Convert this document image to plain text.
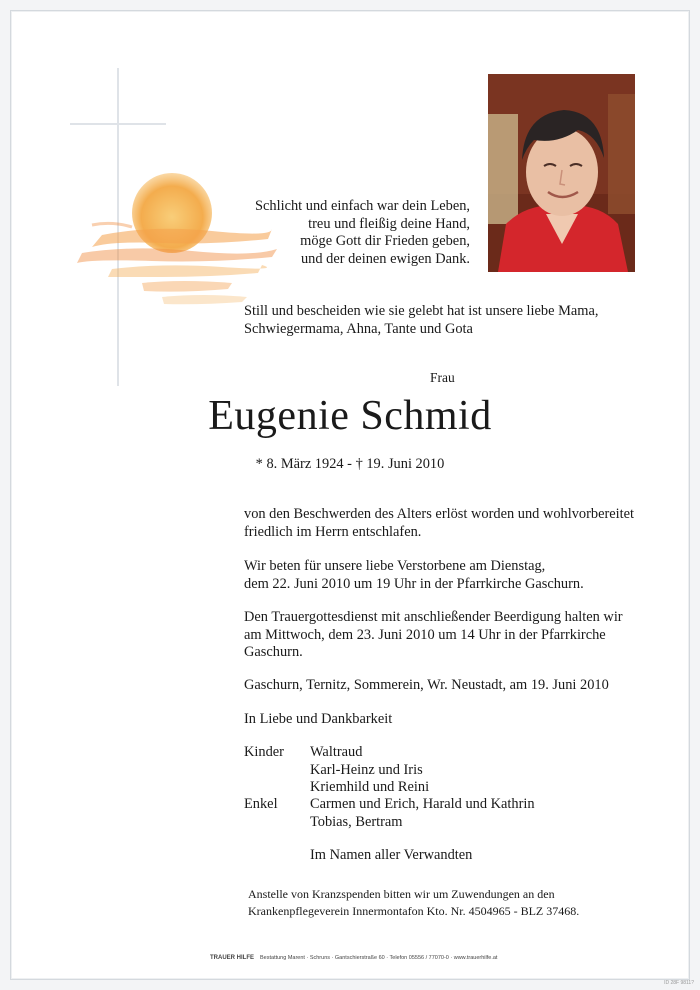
Schlicht und einfach war dein Leben,
treu und fleißig deine Hand,
möge Gott dir Frieden geben,
und der deinen ewigen Dank.
Still und bescheiden wie sie gelebt hat ist unsere liebe Mama,
Schwiegermama, Ahna, Tante und Gota
Frau
Eugenie Schmid
* 8. März 1924 - † 19. Juni 2010
von den Beschwerden des Alters erlöst worden und wohlvorbereitet
friedlich im Herrn entschlafen.
Wir beten für unsere liebe Verstorbene am Dienstag,
dem 22. Juni 2010 um 19 Uhr in der Pfarrkirche Gaschurn.
Den Trauergottesdienst mit anschließender Beerdigung halten wir
am Mittwoch, dem 23. Juni 2010 um 14 Uhr in der Pfarrkirche
Gaschurn.
Gaschurn, Ternitz, Sommerein, Wr. Neustadt, am 19. Juni 2010
In Liebe und Dankbarkeit
Kinder Waltraud
Karl-Heinz und Iris
Kriemhild und Reini
Enkel Carmen und Erich, Harald und Kathrin
Tobias, Bertram
Im Namen aller Verwandten
Anstelle von Kranzspenden bitten wir um Zuwendungen an den
Krankenpflegeverein Innermontafon Kto. Nr. 4504965 - BLZ 37468.
TRAUER HILFE Bestattung Marent · Schruns · Gantschierstraße 60 · Telefon 05556 / 77070-0 · www.trauerhilfe.at
ID 28F 9811?
